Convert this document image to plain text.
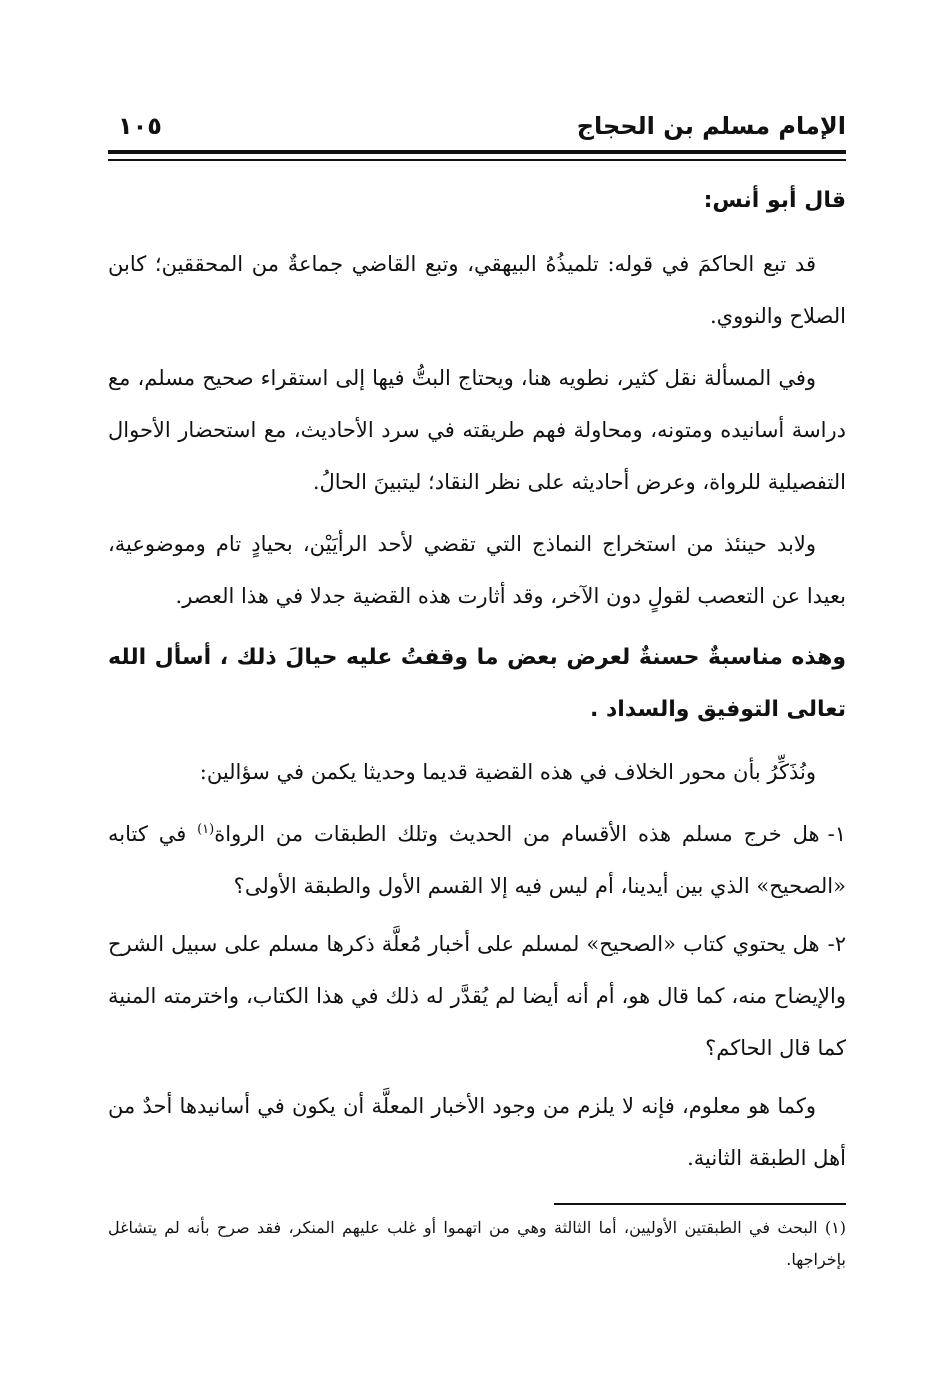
الإمام مسلم بن الحجاج
١٠٥
قال أبو أنس:

قد تبع الحاكمَ في قوله: تلميذُهُ البيهقي، وتبع القاضي جماعةٌ من المحققين؛ كابن الصلاح والنووي.

وفي المسألة نقل كثير، نطويه هنا، ويحتاج البتُّ فيها إلى استقراء صحيح مسلم، مع دراسة أسانيده ومتونه، ومحاولة فهم طريقته في سرد الأحاديث، مع استحضار الأحوال التفصيلية للرواة، وعرض أحاديثه على نظر النقاد؛ ليتبينَ الحالُ.

ولابد حينئذ من استخراج النماذج التي تقضي لأحد الرأيَيْن، بحيادٍ تام وموضوعية، بعيدا عن التعصب لقولٍ دون الآخر، وقد أثارت هذه القضية جدلا في هذا العصر.

وهذه مناسبةٌ حسنةٌ لعرض بعض ما وقفتُ عليه حيالَ ذلك ، أسأل الله تعالى التوفيق والسداد .

ونُذَكِّرُ بأن محور الخلاف في هذه القضية قديما وحديثا يكمن في سؤالين:

١-هل خرج مسلم هذه الأقسام من الحديث وتلك الطبقات من الرواة(١) في كتابه «الصحيح» الذي بين أيدينا، أم ليس فيه إلا القسم الأول والطبقة الأولى؟

٢-هل يحتوي كتاب «الصحيح» لمسلم على أخبار مُعلَّة ذكرها مسلم على سبيل الشرح والإيضاح منه، كما قال هو، أم أنه أيضا لم يُقدَّر له ذلك في هذا الكتاب، واخترمته المنية كما قال الحاكم؟

وكما هو معلوم، فإنه لا يلزم من وجود الأخبار المعلَّة أن يكون في أسانيدها أحدٌ من أهل الطبقة الثانية.

(١) البحث في الطبقتين الأوليين، أما الثالثة وهي من اتهموا أو غلب عليهم المنكر، فقد صرح بأنه لم يتشاغل بإخراجها.
